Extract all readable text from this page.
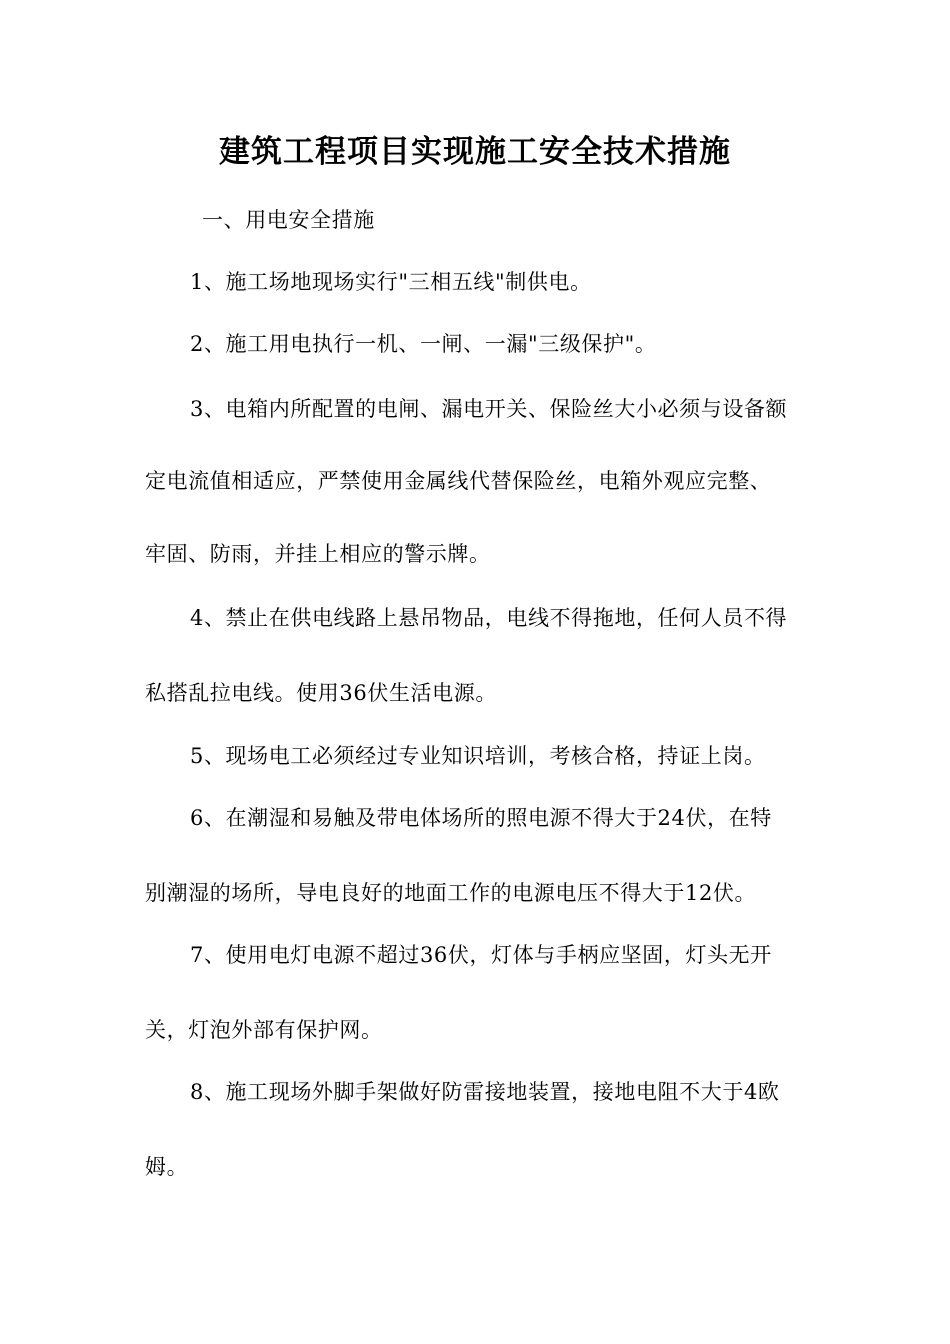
建筑工程项目实现施工安全技术措施
一、用电安全措施
1、施工场地现场实行"三相五线"制供电。
2、施工用电执行一机、一闸、一漏"三级保护"。
3、电箱内所配置的电闸、漏电开关、保险丝大小必须与设备额
定电流值相适应，严禁使用金属线代替保险丝，电箱外观应完整、
牢固、防雨，并挂上相应的警示牌。
4、禁止在供电线路上悬吊物品，电线不得拖地，任何人员不得
私搭乱拉电线。使用36伏生活电源。
5、现场电工必须经过专业知识培训，考核合格，持证上岗。
6、在潮湿和易触及带电体场所的照电源不得大于24伏，在特
别潮湿的场所，导电良好的地面工作的电源电压不得大于12伏。
7、使用电灯电源不超过36伏，灯体与手柄应坚固，灯头无开
关，灯泡外部有保护网。
8、施工现场外脚手架做好防雷接地装置，接地电阻不大于4欧
姆。
